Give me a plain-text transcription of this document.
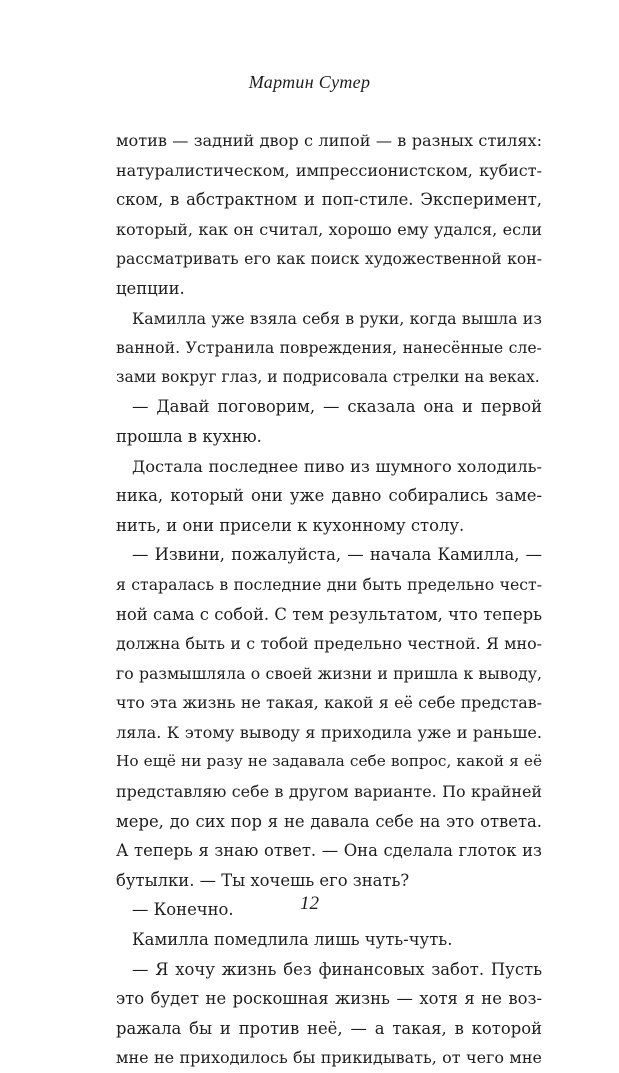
Мартин Сутер
мотив — задний двор с липой — в разных стилях:
натуралистическом, импрессионистском, кубист-
ском, в абстрактном и поп-стиле. Эксперимент,
который, как он считал, хорошо ему удался, если
рассматривать его как поиск художественной кон-
цепции.
Камилла уже взяла себя в руки, когда вышла из
ванной. Устранила повреждения, нанесённые сле-
зами вокруг глаз, и подрисовала стрелки на веках.
— Давай поговорим, — сказала она и первой
прошла в кухню.
Достала последнее пиво из шумного холодиль-
ника, который они уже давно собирались заме-
нить, и они присели к кухонному столу.
— Извини, пожалуйста, — начала Камилла, —
я старалась в последние дни быть предельно чест-
ной сама с собой. С тем результатом, что теперь
должна быть и с тобой предельно честной. Я мно-
го размышляла о своей жизни и пришла к выводу,
что эта жизнь не такая, какой я её себе представ-
ляла. К этому выводу я приходила уже и раньше.
Но ещё ни разу не задавала себе вопрос, какой я её
представляю себе в другом варианте. По крайней
мере, до сих пор я не давала себе на это ответа.
А теперь я знаю ответ. — Она сделала глоток из
бутылки. — Ты хочешь его знать?
— Конечно.
Камилла помедлила лишь чуть-чуть.
— Я хочу жизнь без финансовых забот. Пусть
это будет не роскошная жизнь — хотя я не воз-
ражала бы и против неё, — а такая, в которой
мне не приходилось бы прикидывать, от чего мне
12
